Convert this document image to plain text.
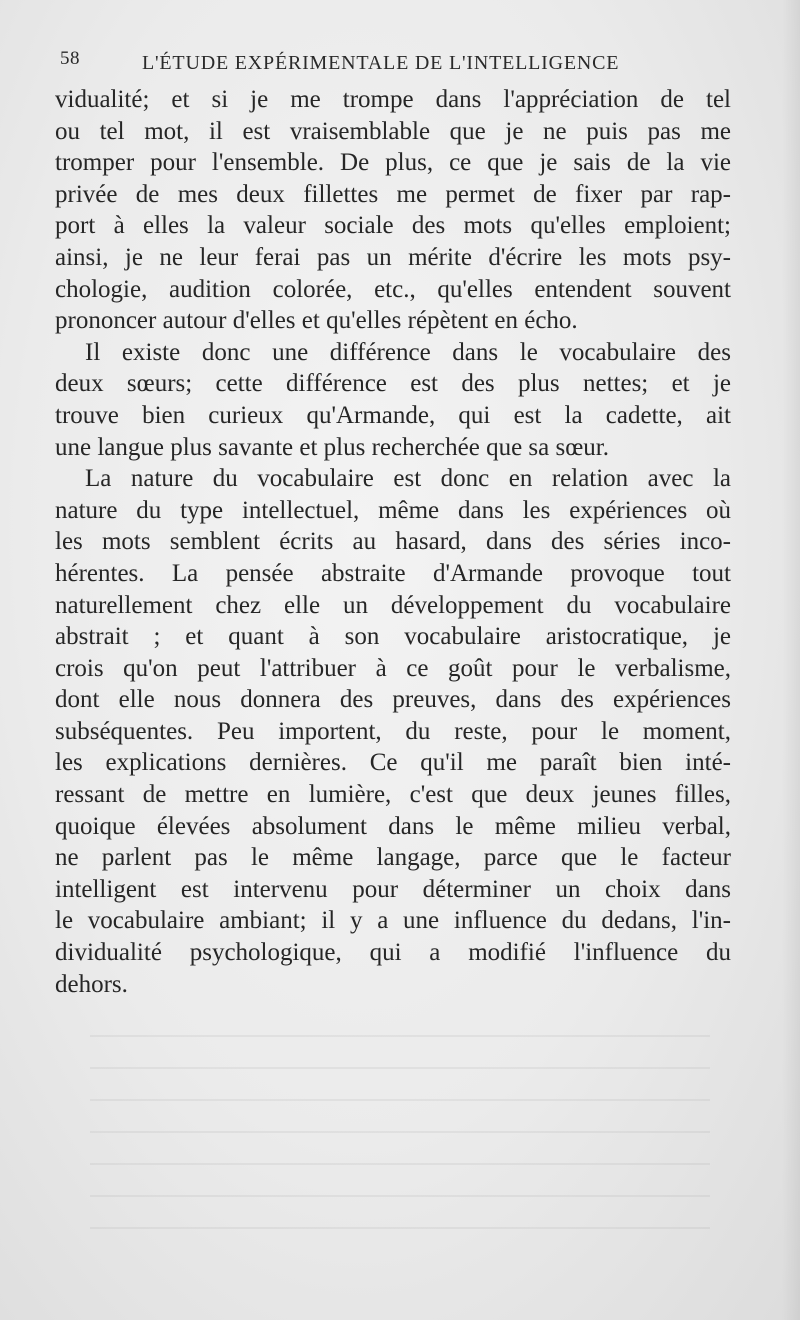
58	L'ÉTUDE EXPÉRIMENTALE DE L'INTELLIGENCE
vidualité; et si je me trompe dans l'appréciation de tel
ou tel mot, il est vraisemblable que je ne puis pas me
tromper pour l'ensemble. De plus, ce que je sais de la vie
privée de mes deux fillettes me permet de fixer par rap-
port à elles la valeur sociale des mots qu'elles emploient;
ainsi, je ne leur ferai pas un mérite d'écrire les mots psy-
chologie, audition colorée, etc., qu'elles entendent souvent
prononcer autour d'elles et qu'elles répètent en écho.
Il existe donc une différence dans le vocabulaire des
deux sœurs; cette différence est des plus nettes; et je
trouve bien curieux qu'Armande, qui est la cadette, ait
une langue plus savante et plus recherchée que sa sœur.
La nature du vocabulaire est donc en relation avec la
nature du type intellectuel, même dans les expériences où
les mots semblent écrits au hasard, dans des séries inco-
hérentes. La pensée abstraite d'Armande provoque tout
naturellement chez elle un développement du vocabulaire
abstrait ; et quant à son vocabulaire aristocratique, je
crois qu'on peut l'attribuer à ce goût pour le verbalisme,
dont elle nous donnera des preuves, dans des expériences
subséquentes. Peu importent, du reste, pour le moment,
les explications dernières. Ce qu'il me paraît bien inté-
ressant de mettre en lumière, c'est que deux jeunes filles,
quoique élevées absolument dans le même milieu verbal,
ne parlent pas le même langage, parce que le facteur
intelligent est intervenu pour déterminer un choix dans
le vocabulaire ambiant; il y a une influence du dedans, l'in-
dividualité psychologique, qui a modifié l'influence du
dehors.
